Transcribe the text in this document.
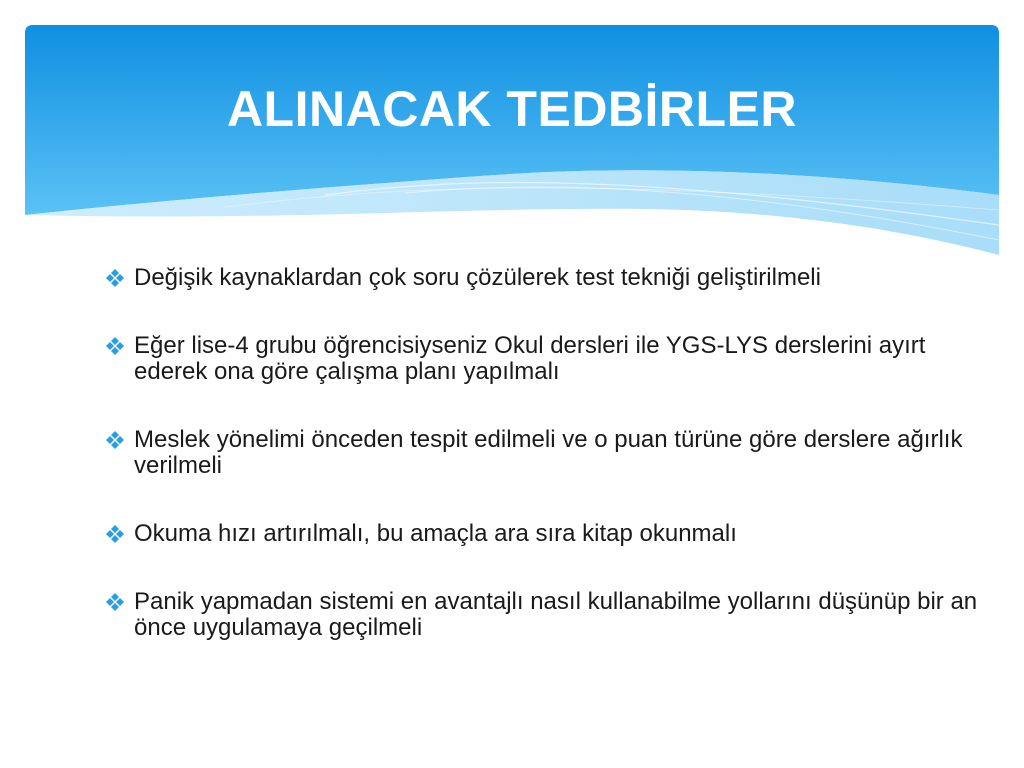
ALINACAK TEDBİRLER
Değişik kaynaklardan çok soru çözülerek test tekniği geliştirilmeli
Eğer lise-4 grubu öğrencisiyseniz Okul dersleri ile YGS-LYS derslerini ayırt ederek ona göre çalışma planı yapılmalı
Meslek yönelimi önceden tespit edilmeli ve o puan türüne göre derslere ağırlık verilmeli
Okuma hızı artırılmalı, bu amaçla ara sıra kitap okunmalı
Panik yapmadan sistemi en avantajlı nasıl kullanabilme yollarını düşünüp bir an önce uygulamaya geçilmeli
